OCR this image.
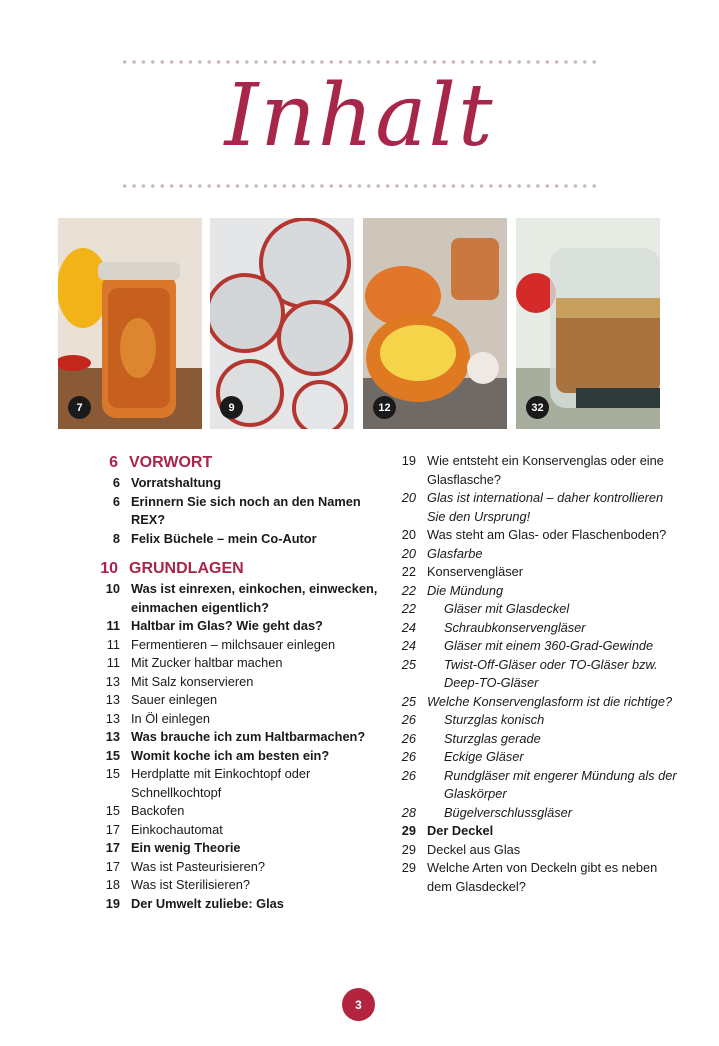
Inhalt
7	9	12	32
6 VORWORT
6 Vorratshaltung
6 Erinnern Sie sich noch an den Namen REX?
8 Felix Büchele – mein Co-Autor
10 GRUNDLAGEN
10 Was ist einrexen, einkochen, einwecken, einmachen eigentlich?
11 Haltbar im Glas? Wie geht das?
11 Fermentieren – milchsauer einlegen
11 Mit Zucker haltbar machen
13 Mit Salz konservieren
13 Sauer einlegen
13 In Öl einlegen
13 Was brauche ich zum Haltbarmachen?
15 Womit koche ich am besten ein?
15 Herdplatte mit Einkochtopf oder Schnellkochtopf
15 Backofen
17 Einkochautomat
17 Ein wenig Theorie
17 Was ist Pasteurisieren?
18 Was ist Sterilisieren?
19 Der Umwelt zuliebe: Glas
19 Wie entsteht ein Konservenglas oder eine Glasflasche?
20 Glas ist international – daher kontrollieren Sie den Ursprung!
20 Was steht am Glas- oder Flaschenboden?
20 Glasfarbe
22 Konservengläser
22 Die Mündung
22 Gläser mit Glasdeckel
24 Schraubkonservengläser
24 Gläser mit einem 360-Grad-Gewinde
25 Twist-Off-Gläser oder TO-Gläser bzw. Deep-TO-Gläser
25 Welche Konservenglasform ist die richtige?
26 Sturzglas konisch
26 Sturzglas gerade
26 Eckige Gläser
26 Rundgläser mit engerer Mündung als der Glaskörper
28 Bügelverschlussgläser
29 Der Deckel
29 Deckel aus Glas
29 Welche Arten von Deckeln gibt es neben dem Glasdeckel?
3
